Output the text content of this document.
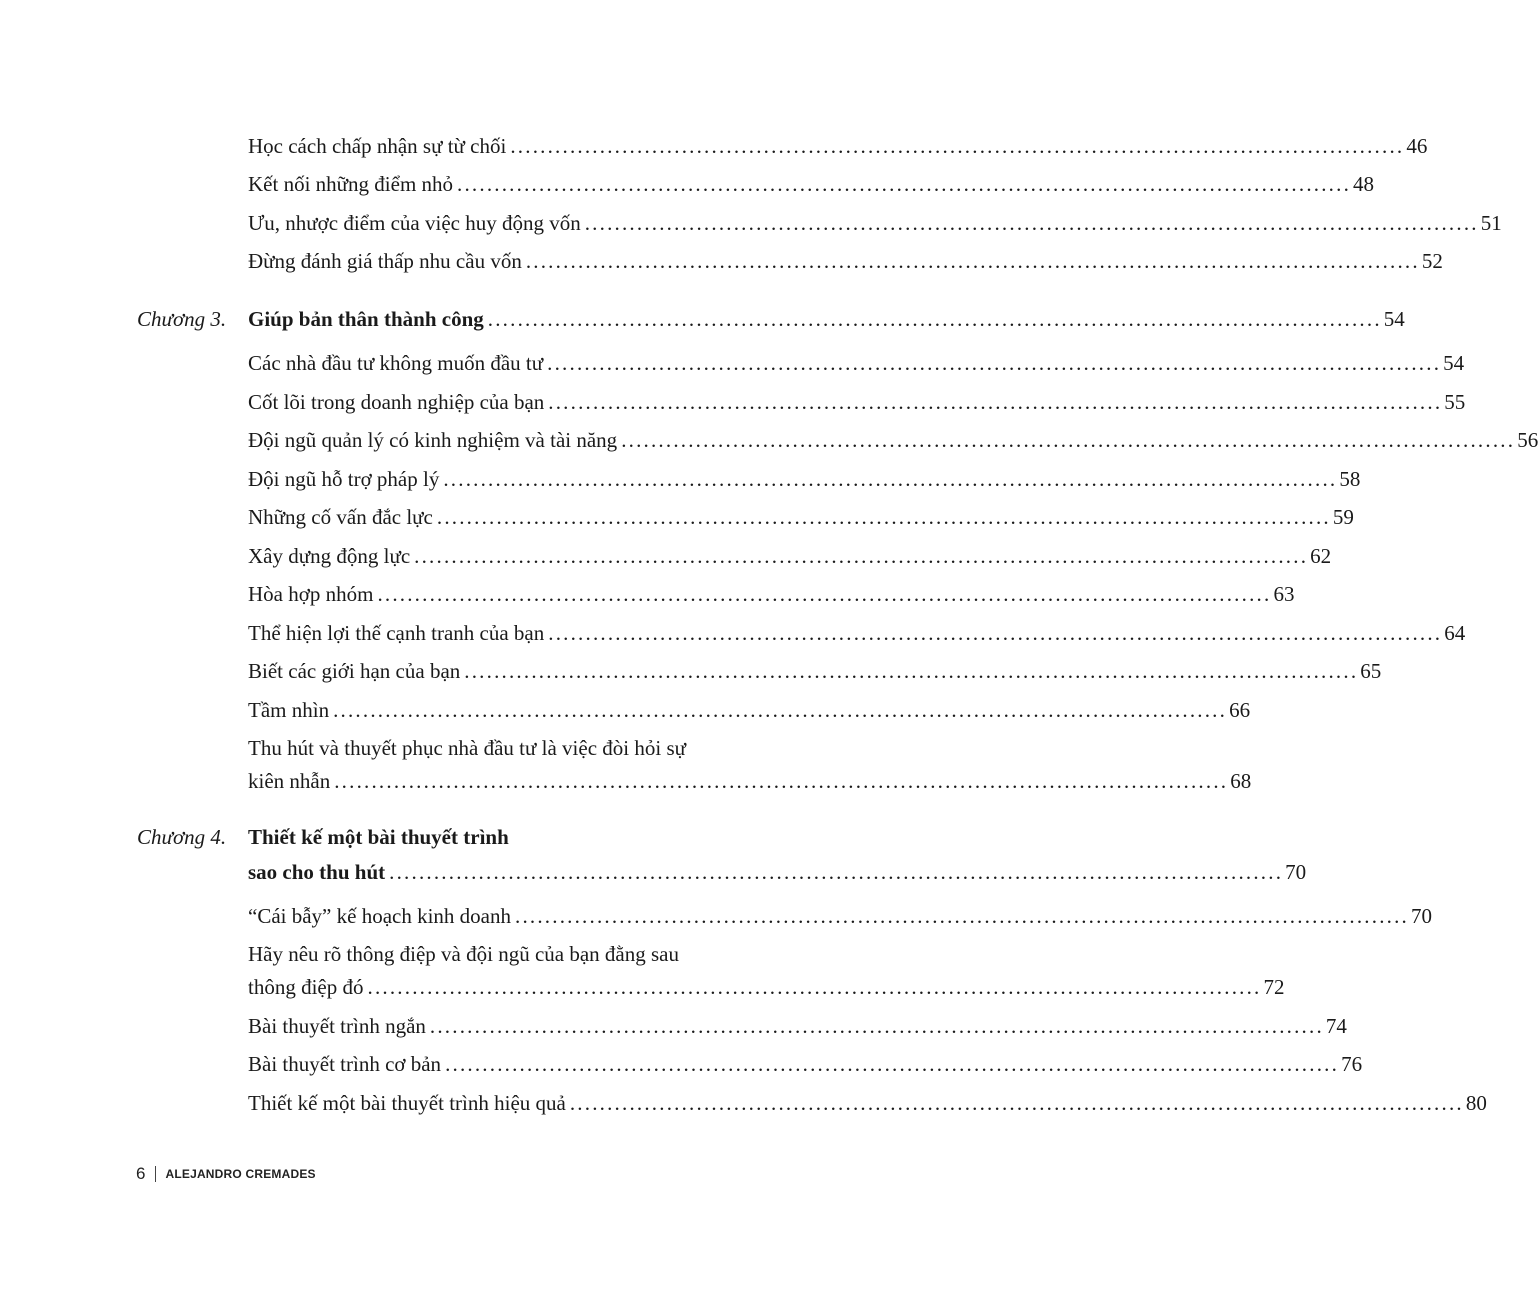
Học cách chấp nhận sự từ chối ........................................................................................................................ 46
Kết nối những điểm nhỏ ........................................................................................................................ 48
Ưu, nhược điểm của việc huy động vốn ........................................................................................................................ 51
Đừng đánh giá thấp nhu cầu vốn ........................................................................................................................ 52
Chương 3. Giúp bản thân thành công ........................................................................................................................ 54
Các nhà đầu tư không muốn đầu tư ........................................................................................................................ 54
Cốt lõi trong doanh nghiệp của bạn ........................................................................................................................ 55
Đội ngũ quản lý có kinh nghiệm và tài năng ........................................................................................................................ 56
Đội ngũ hỗ trợ pháp lý ........................................................................................................................ 58
Những cố vấn đắc lực ........................................................................................................................ 59
Xây dựng động lực ........................................................................................................................ 62
Hòa hợp nhóm ........................................................................................................................ 63
Thể hiện lợi thế cạnh tranh của bạn ........................................................................................................................ 64
Biết các giới hạn của bạn ........................................................................................................................ 65
Tầm nhìn ........................................................................................................................ 66
Thu hút và thuyết phục nhà đầu tư là việc đòi hỏi sự
kiên nhẫn ........................................................................................................................ 68
Chương 4. Thiết kế một bài thuyết trình
sao cho thu hút ........................................................................................................................ 70
“Cái bẫy” kế hoạch kinh doanh ........................................................................................................................ 70
Hãy nêu rõ thông điệp và đội ngũ của bạn đằng sau
thông điệp đó ........................................................................................................................ 72
Bài thuyết trình ngắn ........................................................................................................................ 74
Bài thuyết trình cơ bản ........................................................................................................................ 76
Thiết kế một bài thuyết trình hiệu quả ........................................................................................................................ 80
6 ALEJANDRO CREMADES
